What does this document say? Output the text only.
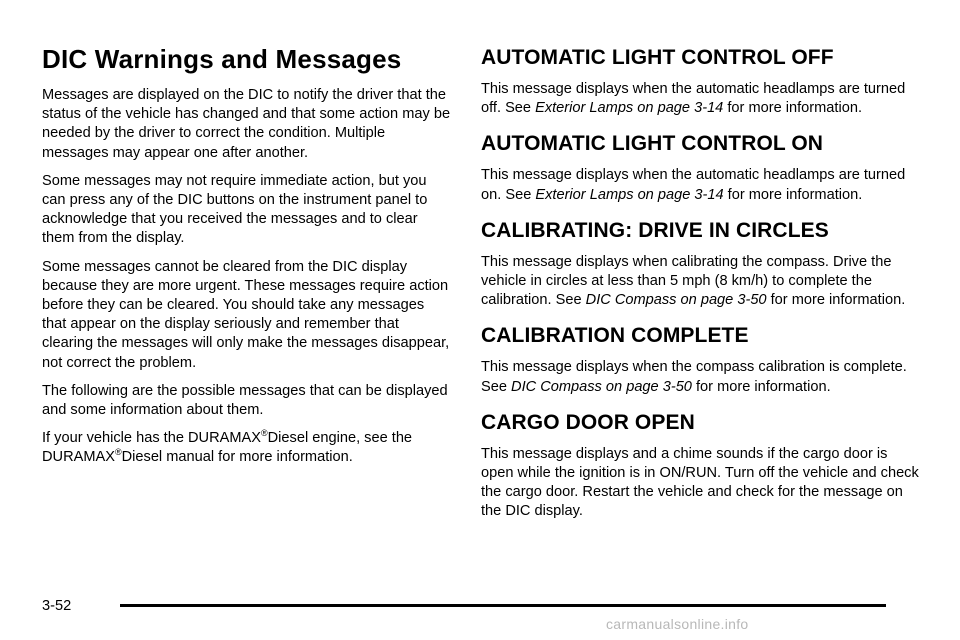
DIC Warnings and Messages

Messages are displayed on the DIC to notify the driver that the status of the vehicle has changed and that some action may be needed by the driver to correct the condition. Multiple messages may appear one after another.

Some messages may not require immediate action, but you can press any of the DIC buttons on the instrument panel to acknowledge that you received the messages and to clear them from the display.

Some messages cannot be cleared from the DIC display because they are more urgent. These messages require action before they can be cleared. You should take any messages that appear on the display seriously and remember that clearing the messages will only make the messages disappear, not correct the problem.

The following are the possible messages that can be displayed and some information about them.

If your vehicle has the DURAMAX®Diesel engine, see the DURAMAX®Diesel manual for more information.

AUTOMATIC LIGHT CONTROL OFF

This message displays when the automatic headlamps are turned off. See Exterior Lamps on page 3-14 for more information.

AUTOMATIC LIGHT CONTROL ON

This message displays when the automatic headlamps are turned on. See Exterior Lamps on page 3-14 for more information.

CALIBRATING: DRIVE IN CIRCLES

This message displays when calibrating the compass. Drive the vehicle in circles at less than 5 mph (8 km/h) to complete the calibration. See DIC Compass on page 3-50 for more information.

CALIBRATION COMPLETE

This message displays when the compass calibration is complete. See DIC Compass on page 3-50 for more information.

CARGO DOOR OPEN

This message displays and a chime sounds if the cargo door is open while the ignition is in ON/RUN. Turn off the vehicle and check the cargo door. Restart the vehicle and check for the message on the DIC display.

3-52
carmanualsonline.info
